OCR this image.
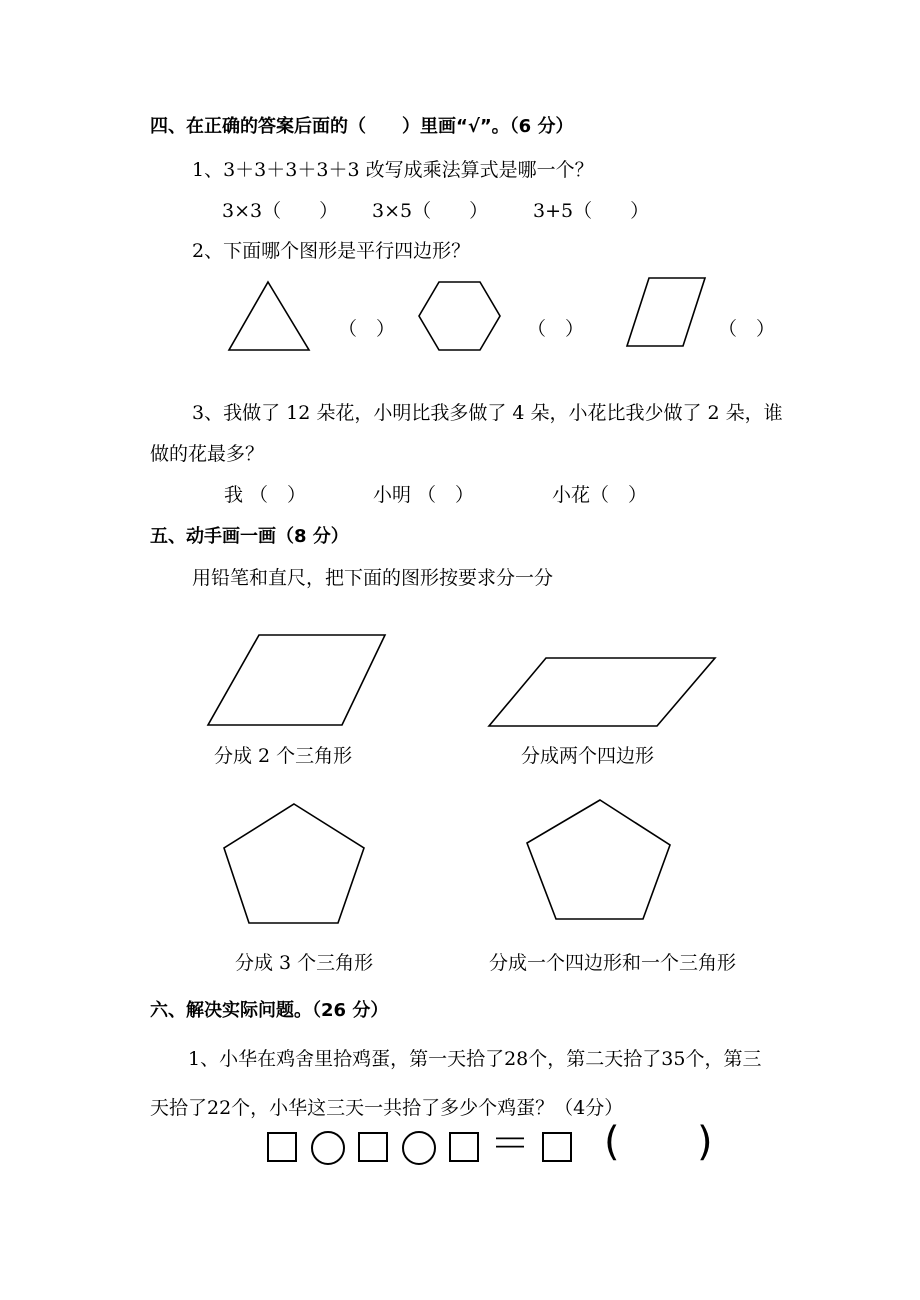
四、在正确的答案后面的（　　）里画“√”。（6 分）
1、3＋3＋3＋3＋3 改写成乘法算式是哪一个？
3×3（　　） 3×5（　　） 3+5（　　）
2、下面哪个图形是平行四边形？
（　）	（　）	（　）
3、我做了 12 朵花，小明比我多做了 4 朵，小花比我少做了 2 朵，谁
做的花最多？
我 （　）	小明 （　）	小花（　）
五、动手画一画（8 分）
用铅笔和直尺，把下面的图形按要求分一分
分成 2 个三角形	分成两个四边形
分成 3 个三角形	分成一个四边形和一个三角形
六、解决实际问题。（26 分）
1、小华在鸡舍里拾鸡蛋，第一天拾了28个，第二天拾了35个，第三
天拾了22个，小华这三天一共拾了多少个鸡蛋？（4分）
＝ ( )
